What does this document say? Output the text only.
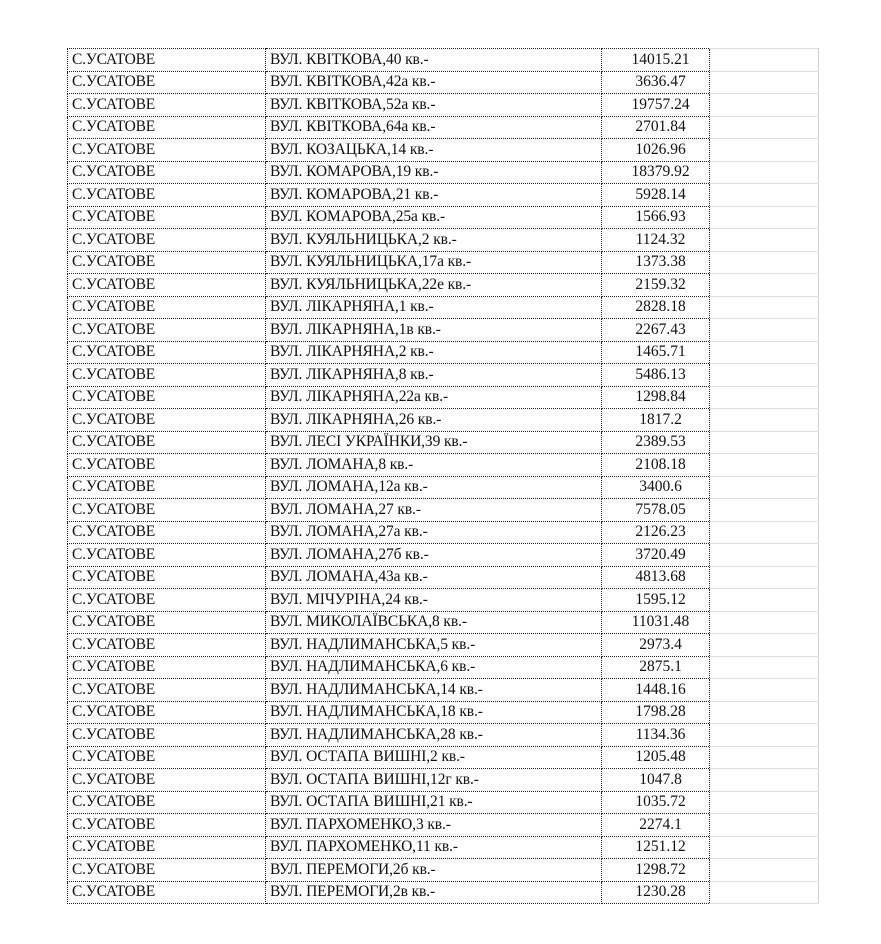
С.УСАТОВЕ	ВУЛ. КВІТКОВА,40 кв.-	14015.21	
С.УСАТОВЕ	ВУЛ. КВІТКОВА,42а кв.-	3636.47	
С.УСАТОВЕ	ВУЛ. КВІТКОВА,52а кв.-	19757.24	
С.УСАТОВЕ	ВУЛ. КВІТКОВА,64а кв.-	2701.84	
С.УСАТОВЕ	ВУЛ. КОЗАЦЬКА,14 кв.-	1026.96	
С.УСАТОВЕ	ВУЛ. КОМАРОВА,19 кв.-	18379.92	
С.УСАТОВЕ	ВУЛ. КОМАРОВА,21 кв.-	5928.14	
С.УСАТОВЕ	ВУЛ. КОМАРОВА,25а кв.-	1566.93	
С.УСАТОВЕ	ВУЛ. КУЯЛЬНИЦЬКА,2 кв.-	1124.32	
С.УСАТОВЕ	ВУЛ. КУЯЛЬНИЦЬКА,17а кв.-	1373.38	
С.УСАТОВЕ	ВУЛ. КУЯЛЬНИЦЬКА,22е кв.-	2159.32	
С.УСАТОВЕ	ВУЛ. ЛІКАРНЯНА,1 кв.-	2828.18	
С.УСАТОВЕ	ВУЛ. ЛІКАРНЯНА,1в кв.-	2267.43	
С.УСАТОВЕ	ВУЛ. ЛІКАРНЯНА,2 кв.-	1465.71	
С.УСАТОВЕ	ВУЛ. ЛІКАРНЯНА,8 кв.-	5486.13	
С.УСАТОВЕ	ВУЛ. ЛІКАРНЯНА,22а кв.-	1298.84	
С.УСАТОВЕ	ВУЛ. ЛІКАРНЯНА,26 кв.-	1817.2	
С.УСАТОВЕ	ВУЛ. ЛЕСІ УКРАЇНКИ,39 кв.-	2389.53	
С.УСАТОВЕ	ВУЛ. ЛОМАНА,8 кв.-	2108.18	
С.УСАТОВЕ	ВУЛ. ЛОМАНА,12а кв.-	3400.6	
С.УСАТОВЕ	ВУЛ. ЛОМАНА,27 кв.-	7578.05	
С.УСАТОВЕ	ВУЛ. ЛОМАНА,27а кв.-	2126.23	
С.УСАТОВЕ	ВУЛ. ЛОМАНА,27б кв.-	3720.49	
С.УСАТОВЕ	ВУЛ. ЛОМАНА,43а кв.-	4813.68	
С.УСАТОВЕ	ВУЛ. МІЧУРІНА,24 кв.-	1595.12	
С.УСАТОВЕ	ВУЛ. МИКОЛАЇВСЬКА,8 кв.-	11031.48	
С.УСАТОВЕ	ВУЛ. НАДЛИМАНСЬКА,5 кв.-	2973.4	
С.УСАТОВЕ	ВУЛ. НАДЛИМАНСЬКА,6 кв.-	2875.1	
С.УСАТОВЕ	ВУЛ. НАДЛИМАНСЬКА,14 кв.-	1448.16	
С.УСАТОВЕ	ВУЛ. НАДЛИМАНСЬКА,18 кв.-	1798.28	
С.УСАТОВЕ	ВУЛ. НАДЛИМАНСЬКА,28 кв.-	1134.36	
С.УСАТОВЕ	ВУЛ. ОСТАПА ВИШНІ,2 кв.-	1205.48	
С.УСАТОВЕ	ВУЛ. ОСТАПА ВИШНІ,12г кв.-	1047.8	
С.УСАТОВЕ	ВУЛ. ОСТАПА ВИШНІ,21 кв.-	1035.72	
С.УСАТОВЕ	ВУЛ. ПАРХОМЕНКО,3 кв.-	2274.1	
С.УСАТОВЕ	ВУЛ. ПАРХОМЕНКО,11 кв.-	1251.12	
С.УСАТОВЕ	ВУЛ. ПЕРЕМОГИ,2б кв.-	1298.72	
С.УСАТОВЕ	ВУЛ. ПЕРЕМОГИ,2в кв.-	1230.28	
